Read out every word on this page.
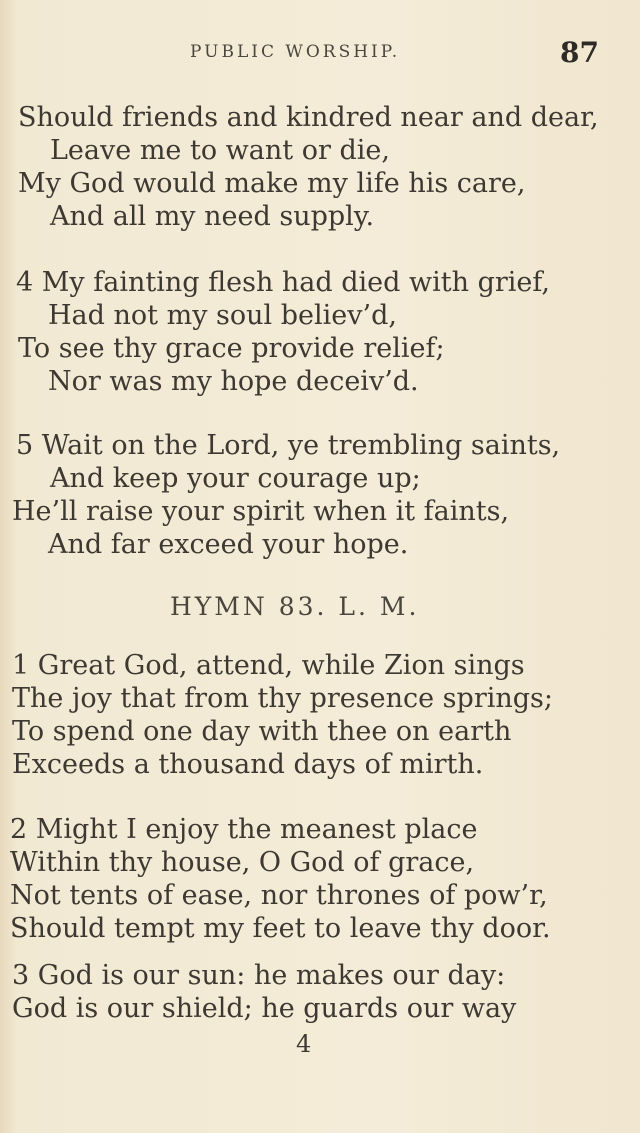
PUBLIC WORSHIP.	87
Should friends and kindred near and dear,
Leave me to want or die,
My God would make my life his care,
And all my need supply.
4 My fainting flesh had died with grief,
Had not my soul believ’d,
To see thy grace provide relief;
Nor was my hope deceiv’d.
5 Wait on the Lord, ye trembling saints,
And keep your courage up;
He’ll raise your spirit when it faints,
And far exceed your hope.
HYMN 83. L. M.
1 Great God, attend, while Zion sings
The joy that from thy presence springs;
To spend one day with thee on earth
Exceeds a thousand days of mirth.
2 Might I enjoy the meanest place
Within thy house, O God of grace,
Not tents of ease, nor thrones of pow’r,
Should tempt my feet to leave thy door.
3 God is our sun: he makes our day:
God is our shield; he guards our way
4
